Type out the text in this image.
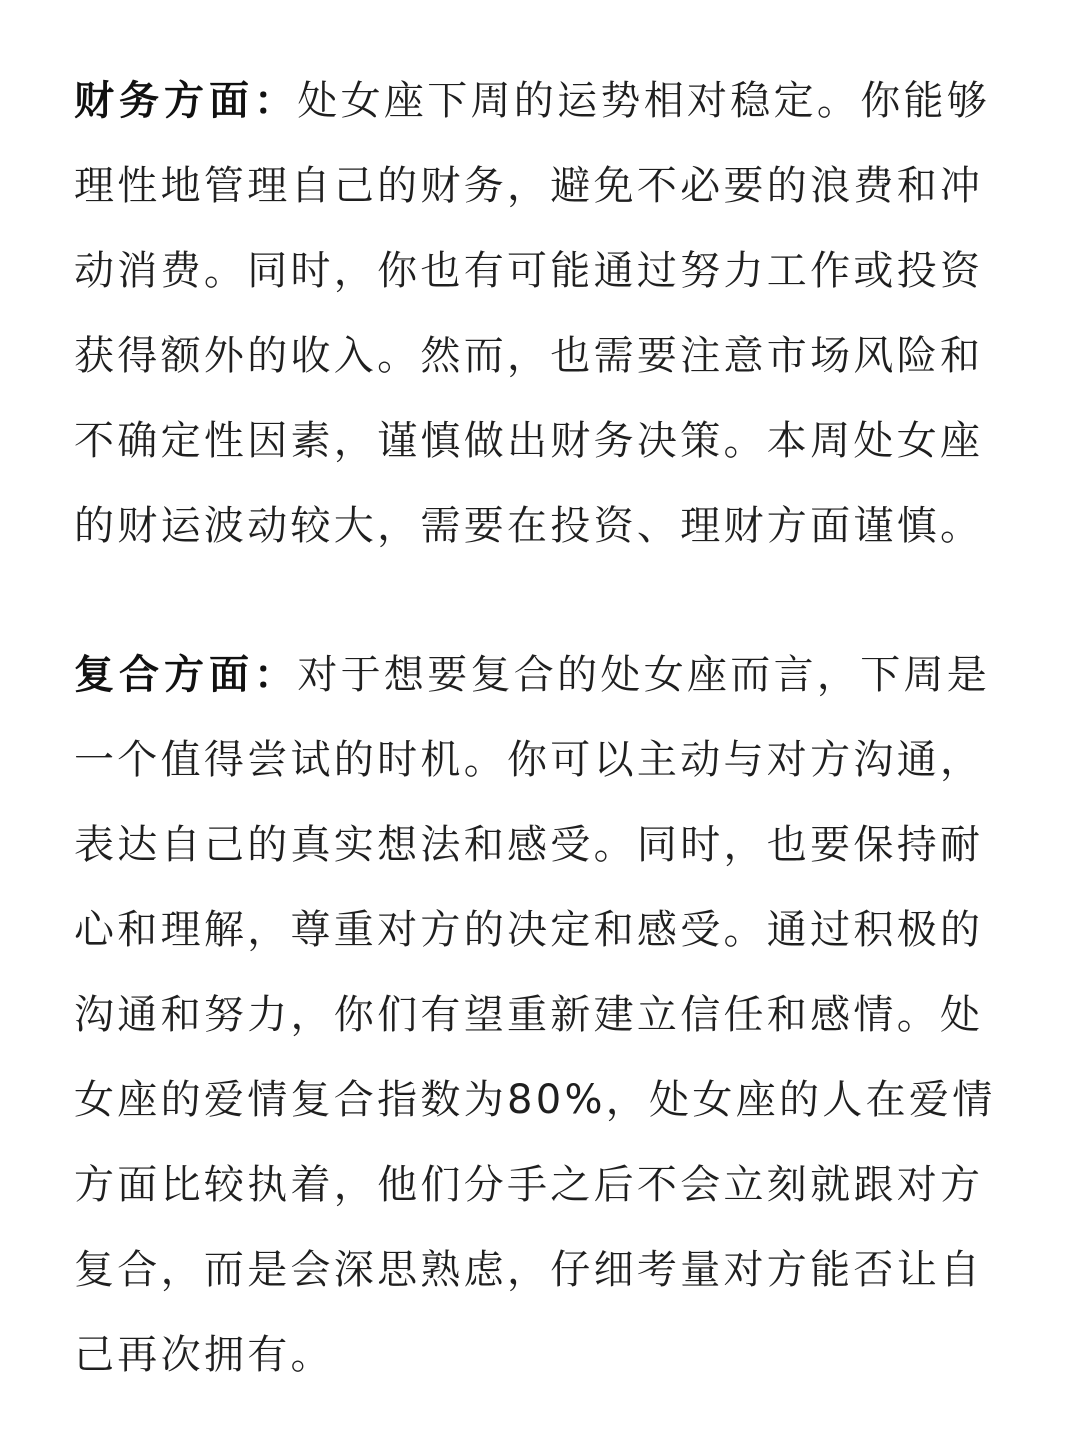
财务方面：处女座下周的运势相对稳定。你能够理性地管理自己的财务，避免不必要的浪费和冲动消费。同时，你也有可能通过努力工作或投资获得额外的收入。然而，也需要注意市场风险和不确定性因素，谨慎做出财务决策。本周处女座的财运波动较大，需要在投资、理财方面谨慎。

复合方面：对于想要复合的处女座而言，下周是一个值得尝试的时机。你可以主动与对方沟通，表达自己的真实想法和感受。同时，也要保持耐心和理解，尊重对方的决定和感受。通过积极的沟通和努力，你们有望重新建立信任和感情。处女座的爱情复合指数为80%，处女座的人在爱情方面比较执着，他们分手之后不会立刻就跟对方复合，而是会深思熟虑，仔细考量对方能否让自己再次拥有。
